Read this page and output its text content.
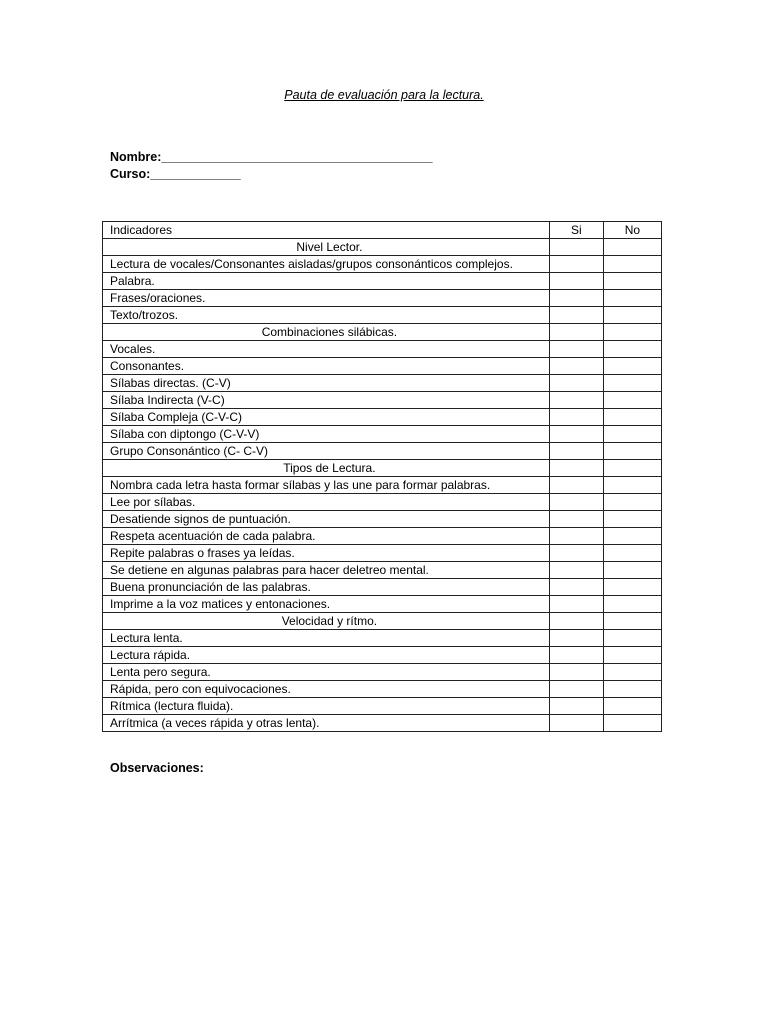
Pauta de evaluación para la lectura.
Nombre:_______________________________________
Curso:_____________
Indicadores	Si	No
Nivel Lector.		
Lectura de vocales/Consonantes aisladas/grupos consonánticos complejos.		
Palabra.		
Frases/oraciones.		
Texto/trozos.		
Combinaciones silábicas.		
Vocales.		
Consonantes.		
Sílabas directas. (C-V)		
Sílaba Indirecta (V-C)		
Sílaba Compleja (C-V-C)		
Sílaba con diptongo (C-V-V)		
Grupo Consonántico (C- C-V)		
Tipos de Lectura.		
Nombra cada letra hasta formar sílabas y las une para formar palabras.		
Lee por sílabas.		
Desatiende signos de puntuación.		
Respeta acentuación de cada palabra.		
Repite palabras o frases ya leídas.		
Se detiene en algunas palabras para hacer deletreo mental.		
Buena pronunciación de las palabras.		
Imprime a la voz matices y entonaciones.		
Velocidad y rítmo.		
Lectura lenta.		
Lectura rápida.		
Lenta pero segura.		
Rápida, pero con equivocaciones.		
Rítmica (lectura fluida).		
Arrítmica (a veces rápida y otras lenta).		
Observaciones:
